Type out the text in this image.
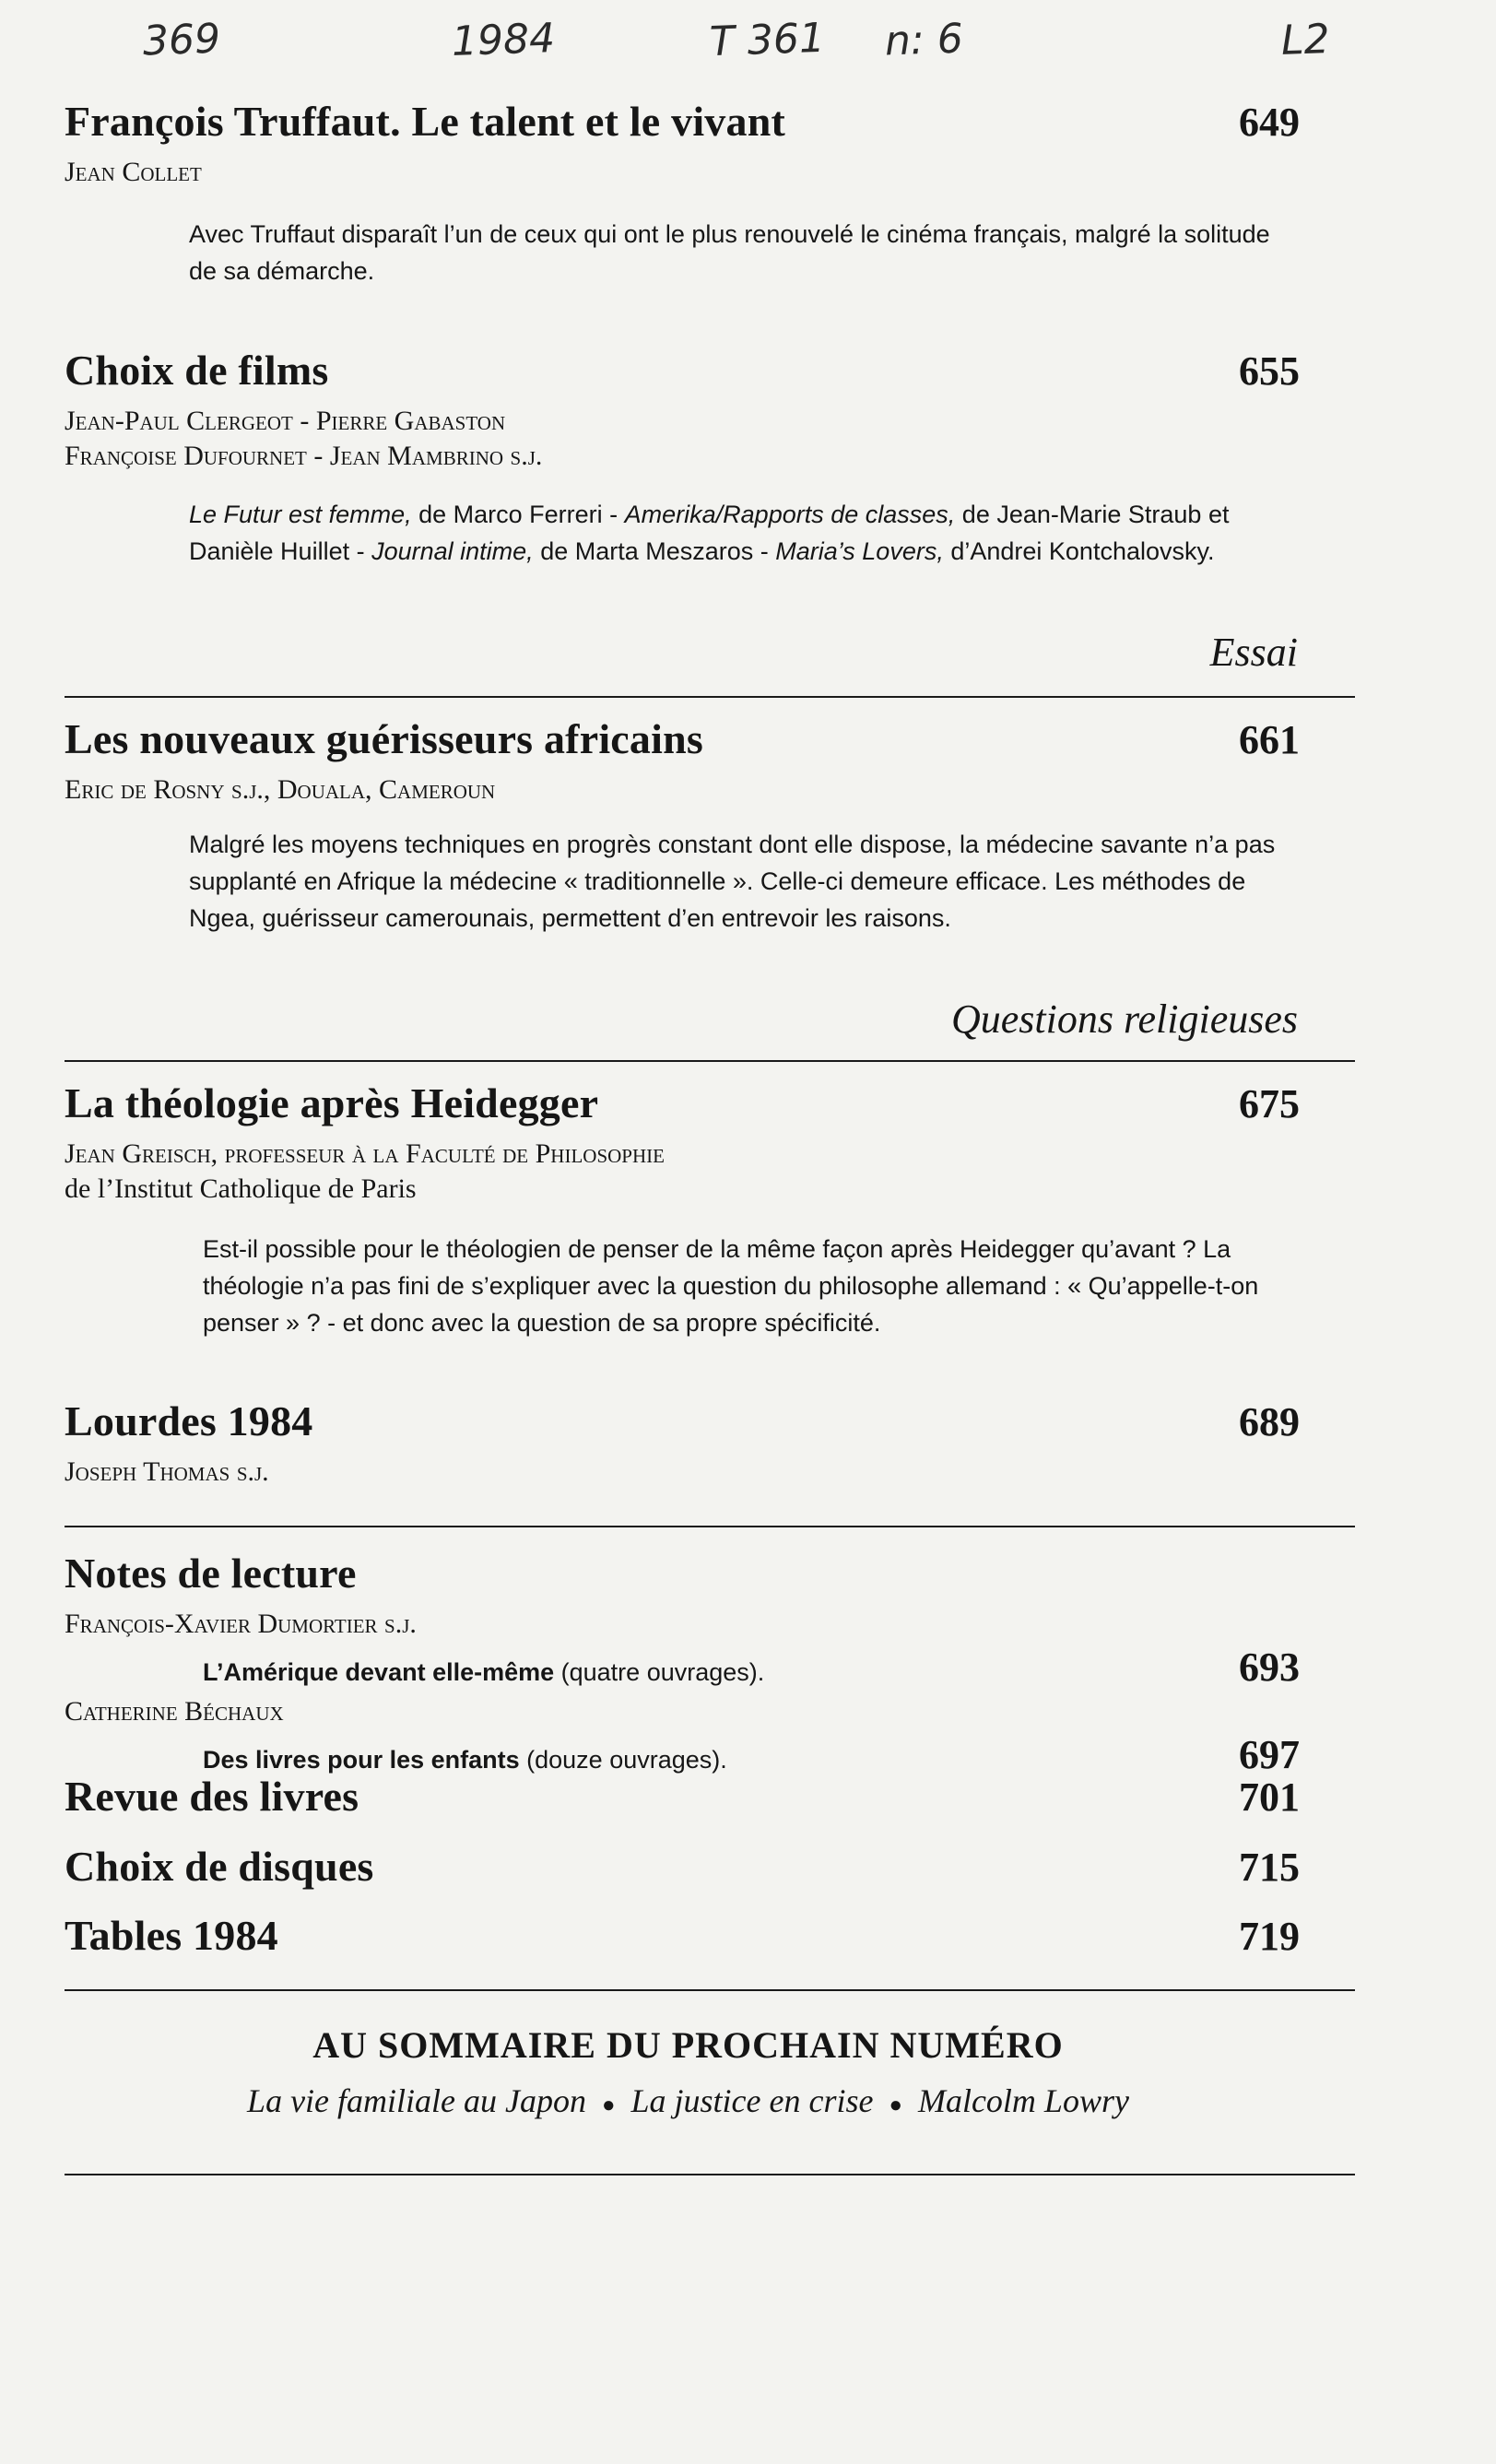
369	1984	T 361 n: 6	L2
François Truffaut. Le talent et le vivant	649
Jean Collet
Avec Truffaut disparaît l’un de ceux qui ont le plus renouvelé le cinéma français, malgré la solitude de sa démarche.
Choix de films	655
Jean-Paul Clergeot - Pierre Gabaston
Françoise Dufournet - Jean Mambrino s.j.
Le Futur est femme, de Marco Ferreri - Amerika/Rapports de classes, de Jean-Marie Straub et Danièle Huillet - Journal intime, de Marta Meszaros - Maria’s Lovers, d’Andrei Kontchalovsky.
Essai
Les nouveaux guérisseurs africains	661
Eric de Rosny s.j., Douala, Cameroun
Malgré les moyens techniques en progrès constant dont elle dispose, la médecine savante n’a pas supplanté en Afrique la médecine « traditionnelle ». Celle-ci demeure efficace. Les méthodes de Ngea, guérisseur camerounais, permettent d’en entrevoir les raisons.
Questions religieuses
La théologie après Heidegger	675
Jean Greisch, professeur à la Faculté de Philosophie
de l’Institut Catholique de Paris
Est-il possible pour le théologien de penser de la même façon après Heidegger qu’avant ? La théologie n’a pas fini de s’expliquer avec la question du philosophe allemand : « Qu’appelle-t-on penser » ? - et donc avec la question de sa propre spécificité.
Lourdes 1984	689
Joseph Thomas s.j.
Notes de lecture
François-Xavier Dumortier s.j.
L’Amérique devant elle-même (quatre ouvrages).	693
Catherine Béchaux
Des livres pour les enfants (douze ouvrages).	697
Revue des livres	701
Choix de disques	715
Tables 1984	719
AU SOMMAIRE DU PROCHAIN NUMÉRO
La vie familiale au Japon ● La justice en crise ● Malcolm Lowry
